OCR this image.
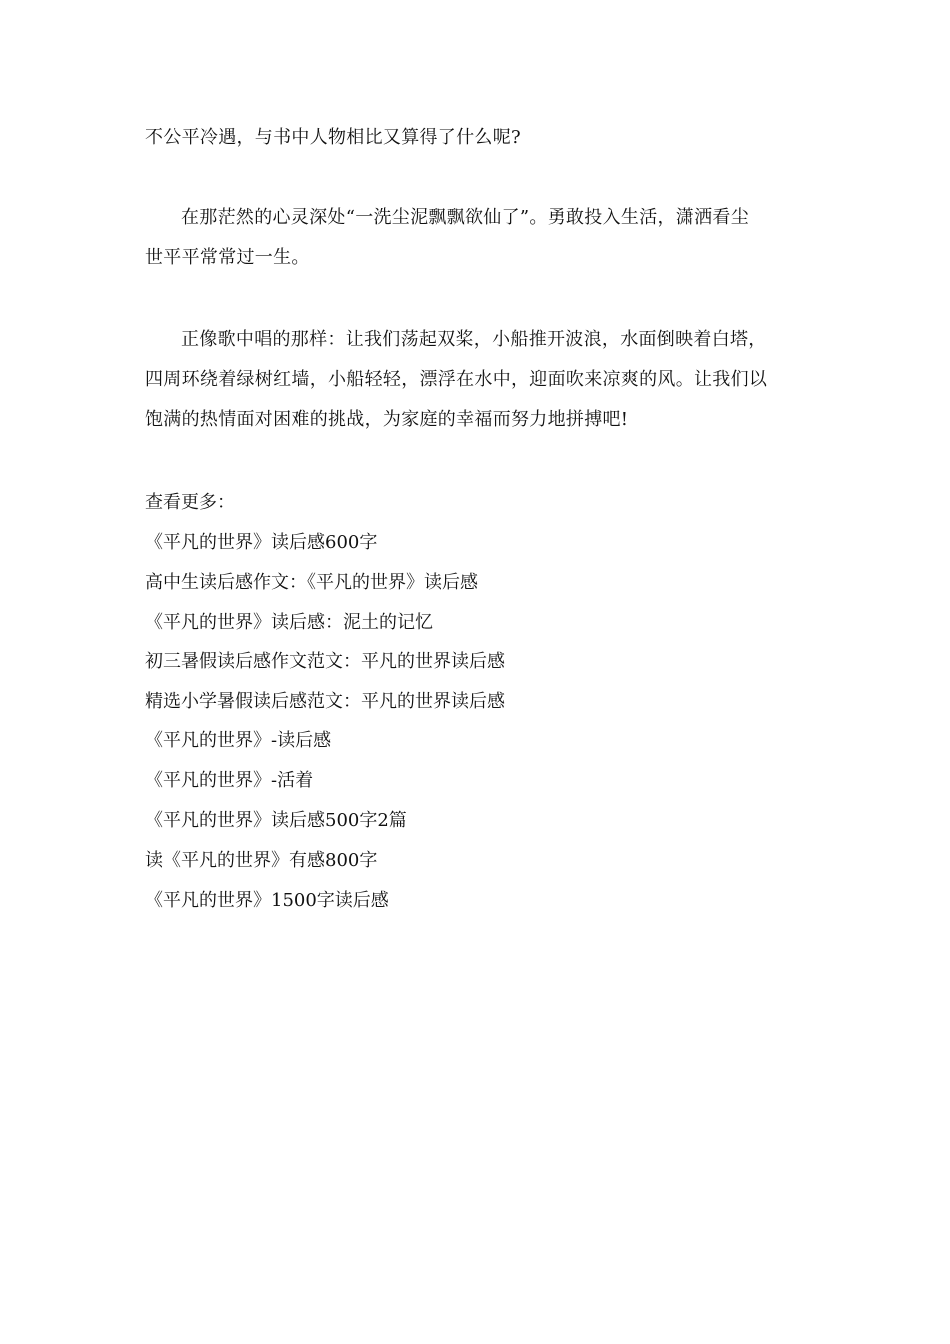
不公平冷遇，与书中人物相比又算得了什么呢?
在那茫然的心灵深处“一洗尘泥飘飘欲仙了”。勇敢投入生活，潇洒看尘
世平平常常过一生。
正像歌中唱的那样：让我们荡起双桨，小船推开波浪，水面倒映着白塔，
四周环绕着绿树红墙，小船轻轻，漂浮在水中，迎面吹来凉爽的风。让我们以
饱满的热情面对困难的挑战，为家庭的幸福而努力地拼搏吧!
查看更多：
《平凡的世界》读后感600字
高中生读后感作文：《平凡的世界》读后感
《平凡的世界》读后感：泥土的记忆
初三暑假读后感作文范文：平凡的世界读后感
精选小学暑假读后感范文：平凡的世界读后感
《平凡的世界》-读后感
《平凡的世界》-活着
《平凡的世界》读后感500字2篇
读《平凡的世界》有感800字
《平凡的世界》1500字读后感
